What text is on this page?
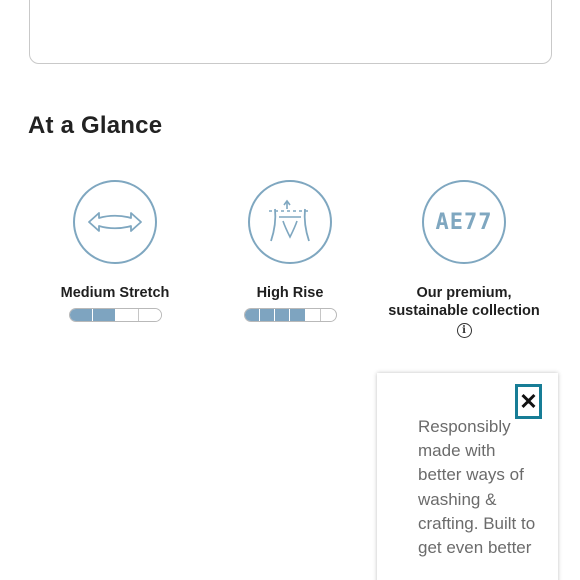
At a Glance
Medium Stretch	High Rise
AE77
Our premium, sustainable collection
i
✕
Responsibly made with better ways of washing & crafting. Built to get even better
